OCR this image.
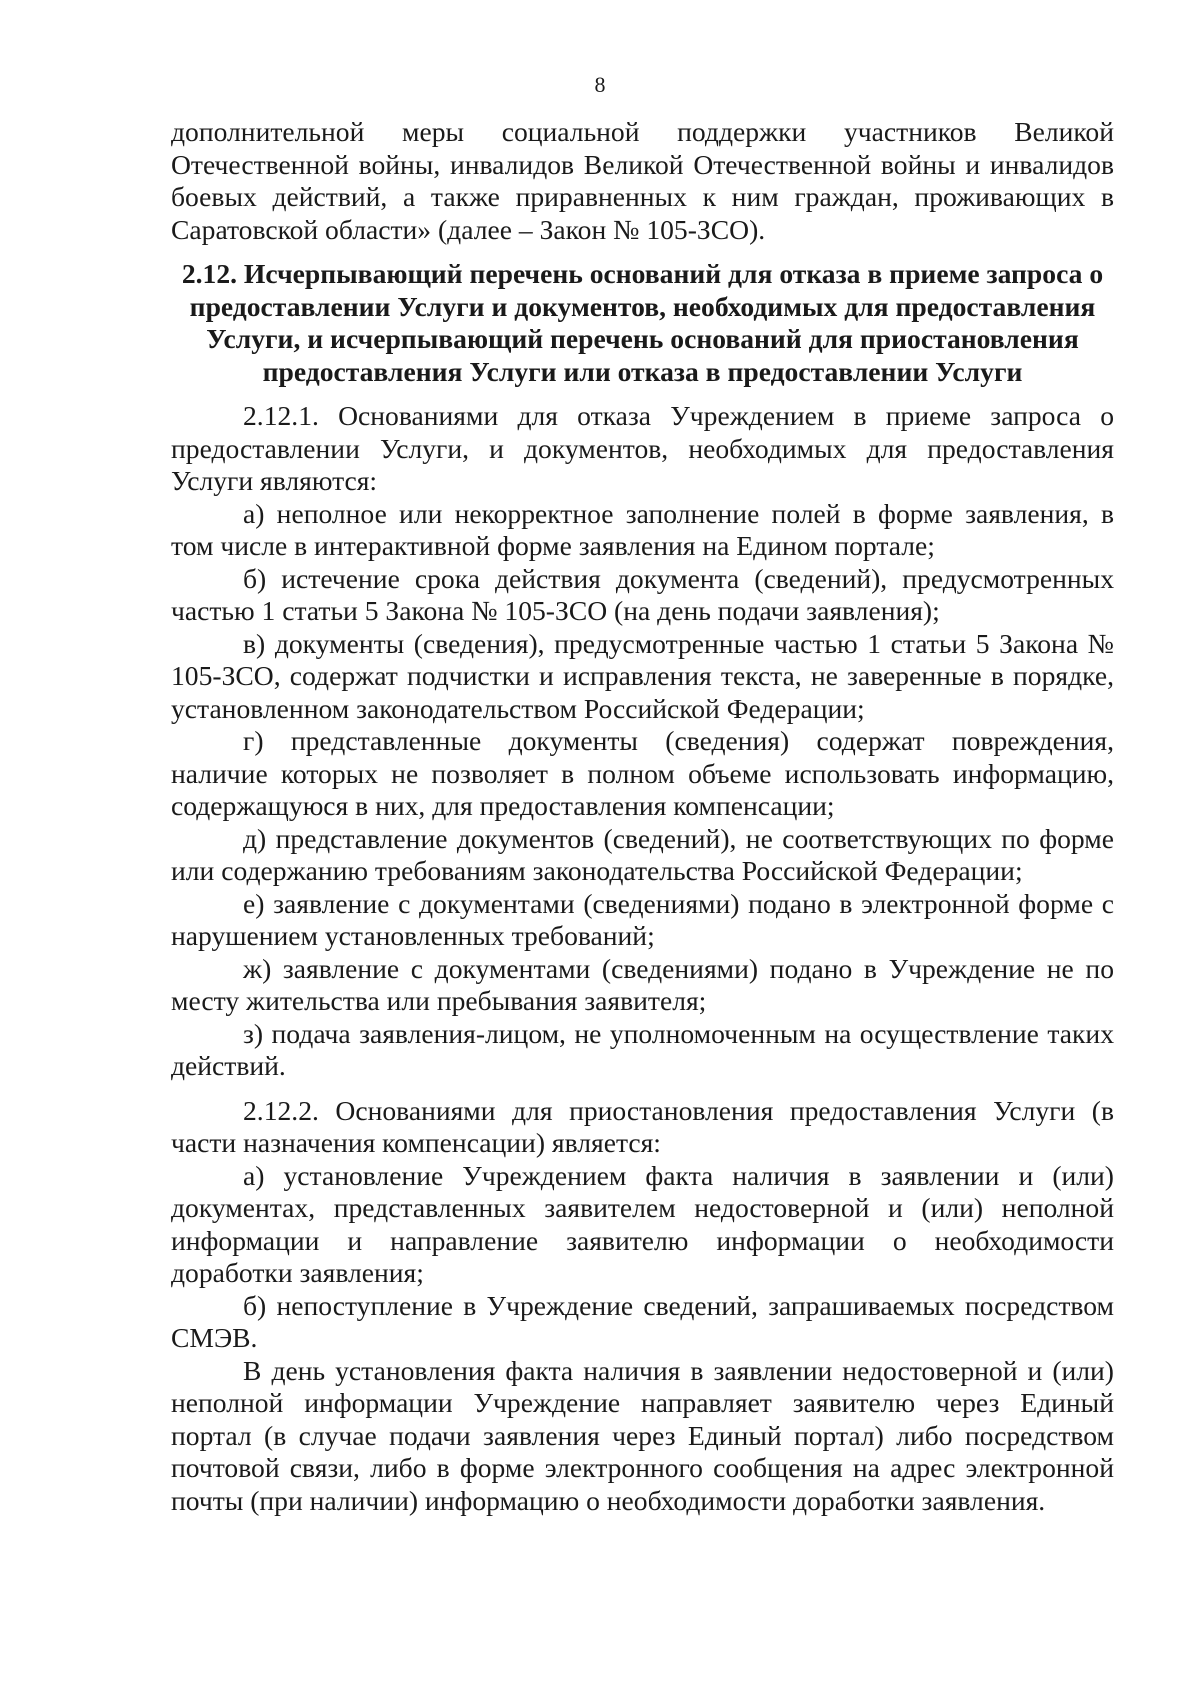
8

дополнительной меры социальной поддержки участников Великой Отечественной войны, инвалидов Великой Отечественной войны и инвалидов боевых действий, а также приравненных к ним граждан, проживающих в Саратовской области» (далее – Закон № 105-ЗСО).

2.12. Исчерпывающий перечень оснований для отказа в приеме запроса о предоставлении Услуги и документов, необходимых для предоставления Услуги, и исчерпывающий перечень оснований для приостановления предоставления Услуги или отказа в предоставлении Услуги

2.12.1. Основаниями для отказа Учреждением в приеме запроса о предоставлении Услуги, и документов, необходимых для предоставления Услуги являются:

а) неполное или некорректное заполнение полей в форме заявления, в том числе в интерактивной форме заявления на Едином портале;

б) истечение срока действия документа (сведений), предусмотренных частью 1 статьи 5 Закона № 105-ЗСО (на день подачи заявления);

в) документы (сведения), предусмотренные частью 1 статьи 5 Закона № 105-ЗСО, содержат подчистки и исправления текста, не заверенные в порядке, установленном законодательством Российской Федерации;

г) представленные документы (сведения) содержат повреждения, наличие которых не позволяет в полном объеме использовать информацию, содержащуюся в них, для предоставления компенсации;

д) представление документов (сведений), не соответствующих по форме или содержанию требованиям законодательства Российской Федерации;

е) заявление с документами (сведениями) подано в электронной форме с нарушением установленных требований;

ж) заявление с документами (сведениями) подано в Учреждение не по месту жительства или пребывания заявителя;

з) подача заявления-лицом, не уполномоченным на осуществление таких действий.

2.12.2. Основаниями для приостановления предоставления Услуги (в части назначения компенсации) является:

а) установление Учреждением факта наличия в заявлении и (или) документах, представленных заявителем недостоверной и (или) неполной информации и направление заявителю информации о необходимости доработки заявления;

б) непоступление в Учреждение сведений, запрашиваемых посредством СМЭВ.

В день установления факта наличия в заявлении недостоверной и (или) неполной информации Учреждение направляет заявителю через Единый портал (в случае подачи заявления через Единый портал) либо посредством почтовой связи, либо в форме электронного сообщения на адрес электронной почты (при наличии) информацию о необходимости доработки заявления.
